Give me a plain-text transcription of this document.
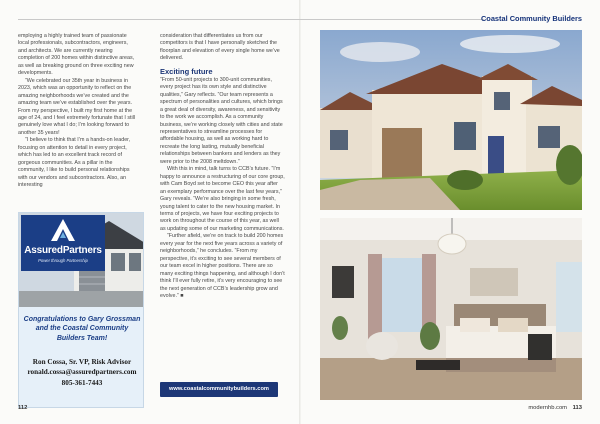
Coastal Community Builders

employing a highly trained team of passionate local professionals, subcontractors, engineers, and architects. We are currently nearing completion of 200 homes within distinctive areas, as well as breaking ground on three exciting new developments.

“We celebrated our 35th year in business in 2023, which was an opportunity to reflect on the amazing neighborhoods we’ve created and the amazing team we’ve established over the years. From my perspective, I built my first home at the age of 24, and I feel extremely fortunate that I still genuinely love what I do; I’m looking forward to another 35 years!

“I believe to think that I’m a hands-on leader, focusing on attention to detail in every project, which has led to an excellent track record of gorgeous communities. As a pillar in the community, I like to build personal relationships with our vendors and subcontractors. Also, an interesting

consideration that differentiates us from our competitors is that I have personally sketched the floorplan and elevation of every single home we’ve delivered.

Exciting future

“From 50-unit projects to 300-unit communities, every project has its own style and distinctive qualities,” Gary reflects. “Our team represents a spectrum of personalities and cultures, which brings a great deal of diversity, awareness, and sensitivity to the work we accomplish. As a community business, we’re working closely with cities and state representatives to streamline processes for affordable housing, as well as working hard to recreate the long lasting, mutually beneficial relationships between bankers and lenders as they were prior to the 2008 meltdown.”

With this in mind, talk turns to CCB’s future. “I’m happy to announce a restructuring of our core group, with Cam Boyd set to become CEO this year after an exemplary performance over the last few years,” Gary reveals. “We’re also bringing in some fresh, young talent to cater to the new housing market. In terms of projects, we have four exciting projects to work on throughout the course of this year, as well as updating some of our marketing communications.

“Further afield, we’re on track to build 200 homes every year for the next five years across a variety of neighborhoods,” he concludes. “From my perspective, it’s exciting to see several members of our team excel in higher positions. There are so many exciting things happening, and although I don’t think I’ll ever fully retire, it’s very encouraging to see the next generation of CCB’s leadership grow and evolve.” ■

www.coastalcommunitybuilders.com
AssuredPartners
Power through Partnership
Congratulations to Gary Grossman and the Coastal Community Builders Team!
Ron Cossa, Sr. VP, Risk Advisor
ronald.cossa@assuredpartners.com
805-361-7443
112	modernhb.com 113
